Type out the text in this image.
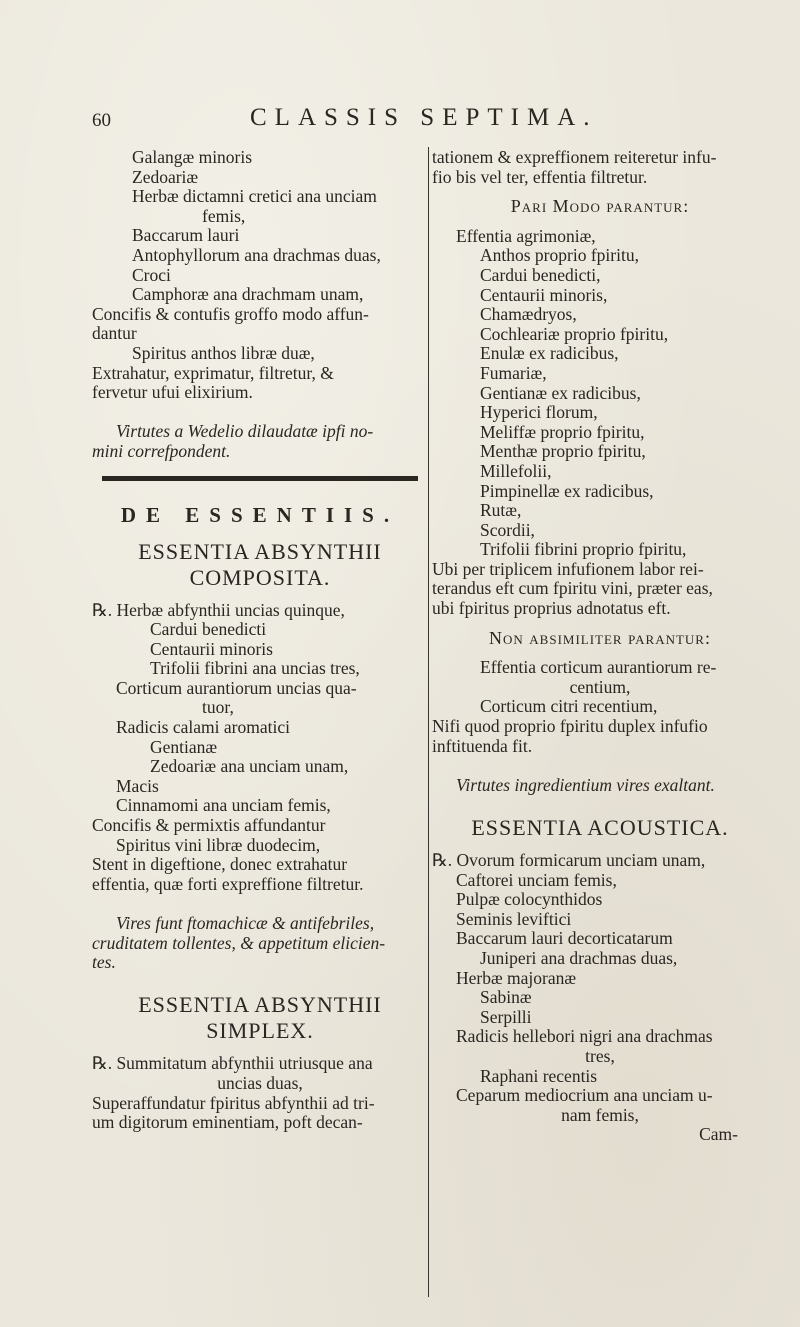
60	CLASSIS SEPTIMA.
Galangæ minoris
Zedoariæ
Herbæ dictamni cretici ana unciam
femis,
Baccarum lauri
Antophyllorum ana drachmas duas,
Croci
Camphoræ ana drachmam unam,
Concifis & contufis groffo modo affun-
dantur
Spiritus anthos libræ duæ,
Extrahatur, exprimatur, filtretur, &
fervetur ufui elixirium.
Virtutes a Wedelio dilaudatæ ipfi no-
mini correfpondent.
DE ESSENTIIS.
ESSENTIA ABSYNTHII
COMPOSITA.
℞. Herbæ abfynthii uncias quinque,
Cardui benedicti
Centaurii minoris
Trifolii fibrini ana uncias tres,
Corticum aurantiorum uncias qua-
tuor,
Radicis calami aromatici
Gentianæ
Zedoariæ ana unciam unam,
Macis
Cinnamomi ana unciam femis,
Concifis & permixtis affundantur
Spiritus vini libræ duodecim,
Stent in digeftione, donec extrahatur
effentia, quæ forti expreffione filtretur.
Vires funt ftomachicæ & antifebriles,
cruditatem tollentes, & appetitum elicien-
tes.
ESSENTIA ABSYNTHII
SIMPLEX.
℞. Summitatum abfynthii utriusque ana
uncias duas,
Superaffundatur fpiritus abfynthii ad tri-
um digitorum eminentiam, poft decan-
tationem & expreffionem reiteretur infu-
fio bis vel ter, effentia filtretur.
Pari Modo parantur:
Effentia agrimoniæ,
Anthos proprio fpiritu,
Cardui benedicti,
Centaurii minoris,
Chamædryos,
Cochleariæ proprio fpiritu,
Enulæ ex radicibus,
Fumariæ,
Gentianæ ex radicibus,
Hyperici florum,
Meliffæ proprio fpiritu,
Menthæ proprio fpiritu,
Millefolii,
Pimpinellæ ex radicibus,
Rutæ,
Scordii,
Trifolii fibrini proprio fpiritu,
Ubi per triplicem infufionem labor rei-
terandus eft cum fpiritu vini, præter eas,
ubi fpiritus proprius adnotatus eft.
Non absimiliter parantur:
Effentia corticum aurantiorum re-
centium,
Corticum citri recentium,
Nifi quod proprio fpiritu duplex infufio
inftituenda fit.
Virtutes ingredientium vires exaltant.
ESSENTIA ACOUSTICA.
℞. Ovorum formicarum unciam unam,
Caftorei unciam femis,
Pulpæ colocynthidos
Seminis leviftici
Baccarum lauri decorticatarum
Juniperi ana drachmas duas,
Herbæ majoranæ
Sabinæ
Serpilli
Radicis hellebori nigri ana drachmas
tres,
Raphani recentis
Ceparum mediocrium ana unciam u-
nam femis,
Cam-
